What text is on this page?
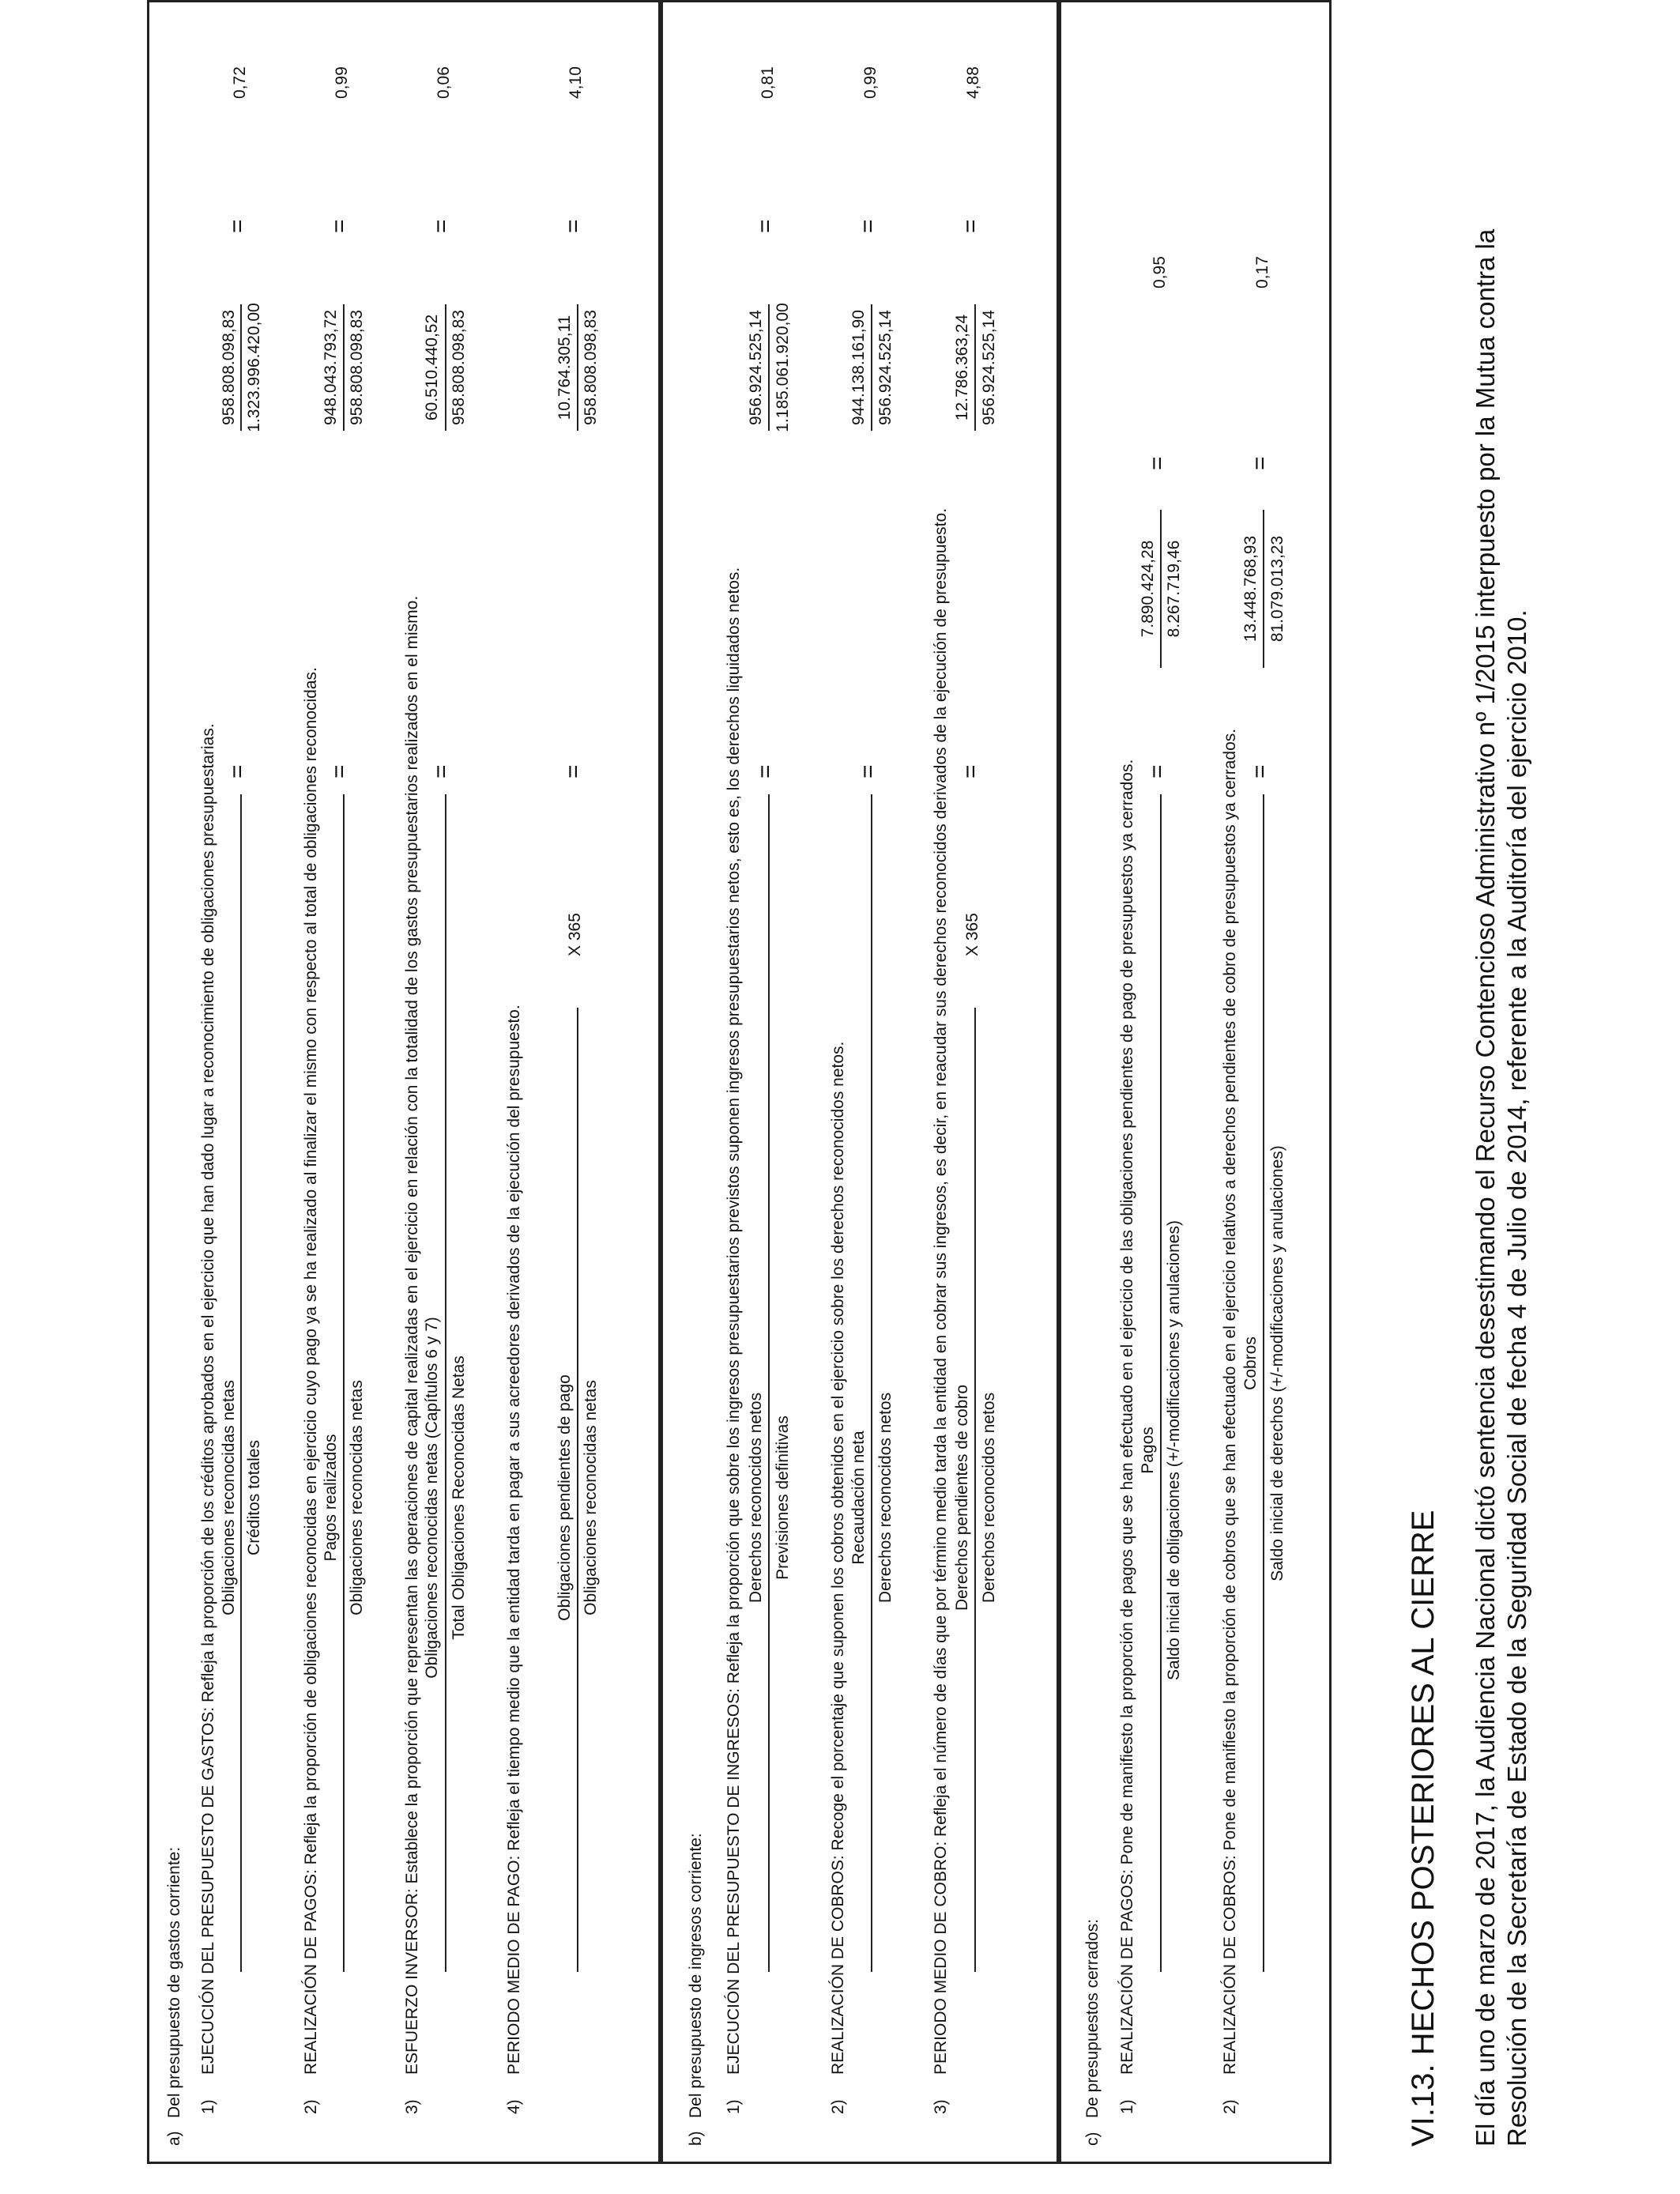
a)
Del presupuesto de gastos corriente: 1)
EJECUCIÓN DEL PRESUPUESTO DE GASTOS: Refleja la proporción de los créditos aprobados en el ejercicio que han dado lugar a reconocimiento de obligaciones presupuestarias. Obligaciones reconocidas netas Créditos totales
=
958.808.098,83 1.323.996.420,00
=
0,72
2)
REALIZACIÓN DE PAGOS: Refleja la proporción de obligaciones reconocidas en ejercicio cuyo pago ya se ha realizado al finalizar el mismo con respecto al total de obligaciones reconocidas. Pagos realizados Obligaciones reconocidas netas
=
948.043.793,72 958.808.098,83
=
0,99
3)
ESFUERZO INVERSOR: Establece la proporción que representan las operaciones de capital realizadas en el ejercicio en relación con la totalidad de los gastos presupuestarios realizados en el mismo. Obligaciones reconocidas netas (Capítulos 6 y 7) Total Obligaciones Reconocidas Netas
=
60.510.440,52 958.808.098,83
=
0,06
4)
PERIODO MEDIO DE PAGO: Refleja el tiempo medio que la entidad tarda en pagar a sus acreedores derivados de la ejecución del presupuesto. Obligaciones pendientes de pago Obligaciones reconocidas netas
X 365
=
10.764.305,11 958.808.098,83
=
4,10
b)
Del presupuesto de ingresos corriente: 1)
EJECUCIÓN DEL PRESUPUESTO DE INGRESOS: Refleja la proporción que sobre los ingresos presupuestarios previstos suponen ingresos presupuestarios netos, esto es, los derechos liquidados netos. Derechos reconocidos netos Previsiones definitivas
=
956.924.525,14 1.185.061.920,00
=
0,81
2)
REALIZACIÓN DE COBROS: Recoge el porcentaje que suponen los cobros obtenidos en el ejercicio sobre los derechos reconocidos netos. Recaudación neta Derechos reconocidos netos
=
944.138.161,90 956.924.525,14
=
0,99
3)
PERIODO MEDIO DE COBRO: Refleja el número de días que por término medio tarda la entidad en cobrar sus ingresos, es decir, en reacudar sus derechos reconocidos derivados de la ejecución de presupuesto. Derechos pendientes de cobro Derechos reconocidos netos
X 365
=
12.786.363,24 956.924.525,14
=
4,88
c)
De presupuestos cerrados: 1)
REALIZACIÓN DE PAGOS: Pone de manifiesto la proporción de pagos que se han efectuado en el ejercicio de las obligaciones pendientes de pago de presupuestos ya cerrados. Pagos Saldo inicial de obligaciones (+/-modificaciones y anulaciones)
=
7.890.424,28 8.267.719,46
=
0,95
2)
REALIZACIÓN DE COBROS: Pone de manifiesto la proporción de cobros que se han efectuado en el ejercicio relativos a derechos pendientes de cobro de presupuestos ya cerrados. Cobros Saldo inicial de derechos (+/-modificaciones y anulaciones)
=
13.448.768,93 81.079.013,23
=
0,17
VI.13. HECHOS POSTERIORES AL CIERRE El día uno de marzo de 2017, la Audiencia Nacional dictó sentencia desestimando el Recurso Contencioso Administrativo nº 1/2015 interpuesto por la Mutua contra la Resolución de la Secretaría de Estado de la Seguridad Social de fecha 4 de Julio de 2014, referente a la Auditoría del ejercicio 2010.
